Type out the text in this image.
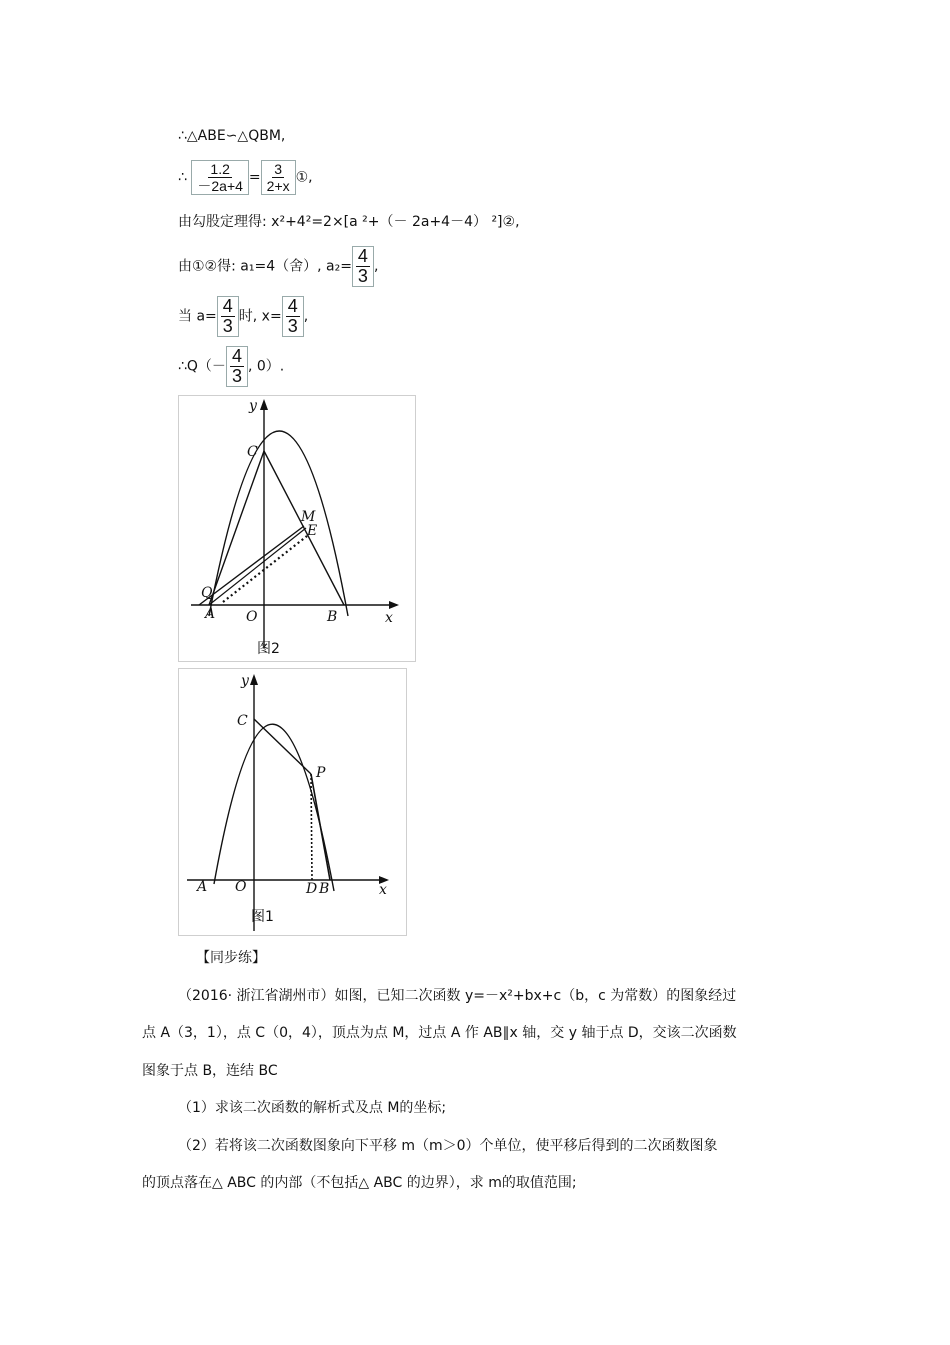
∴△ABE∽△QBM,
∴ $\frac{1.2}{-2a+4} = \frac{3}{2+x}$ ①,
由勾股定理得: x²+4²=2×[a ²+（－ 2a+4－4） ²]②,
由①②得: a₁=4（舍）, $a_2= \frac{4}{3}$ ,
当 $a= \frac{4}{3}$ 时, $x= \frac{4}{3}$ ,
∴Q（－ $\frac{4}{3}$ , 0）.
y
x
C
M
E
Q
A O	B
图2
y
x
C
P
A O	D B
图1
【同步练】
（2016· 浙江省湖州市）如图，已知二次函数 y=－x²+bx+c（b，c 为常数）的图象经过
点 A（3，1），点 C（0，4），顶点为点 M，过点 A 作 AB∥x 轴，交 y 轴于点 D，交该二次函数
图象于点 B，连结 BC
（1）求该二次函数的解析式及点 M的坐标;
（2）若将该二次函数图象向下平移 m（m＞0）个单位，使平移后得到的二次函数图象
的顶点落在△ ABC 的内部（不包括△ ABC 的边界），求 m的取值范围;
